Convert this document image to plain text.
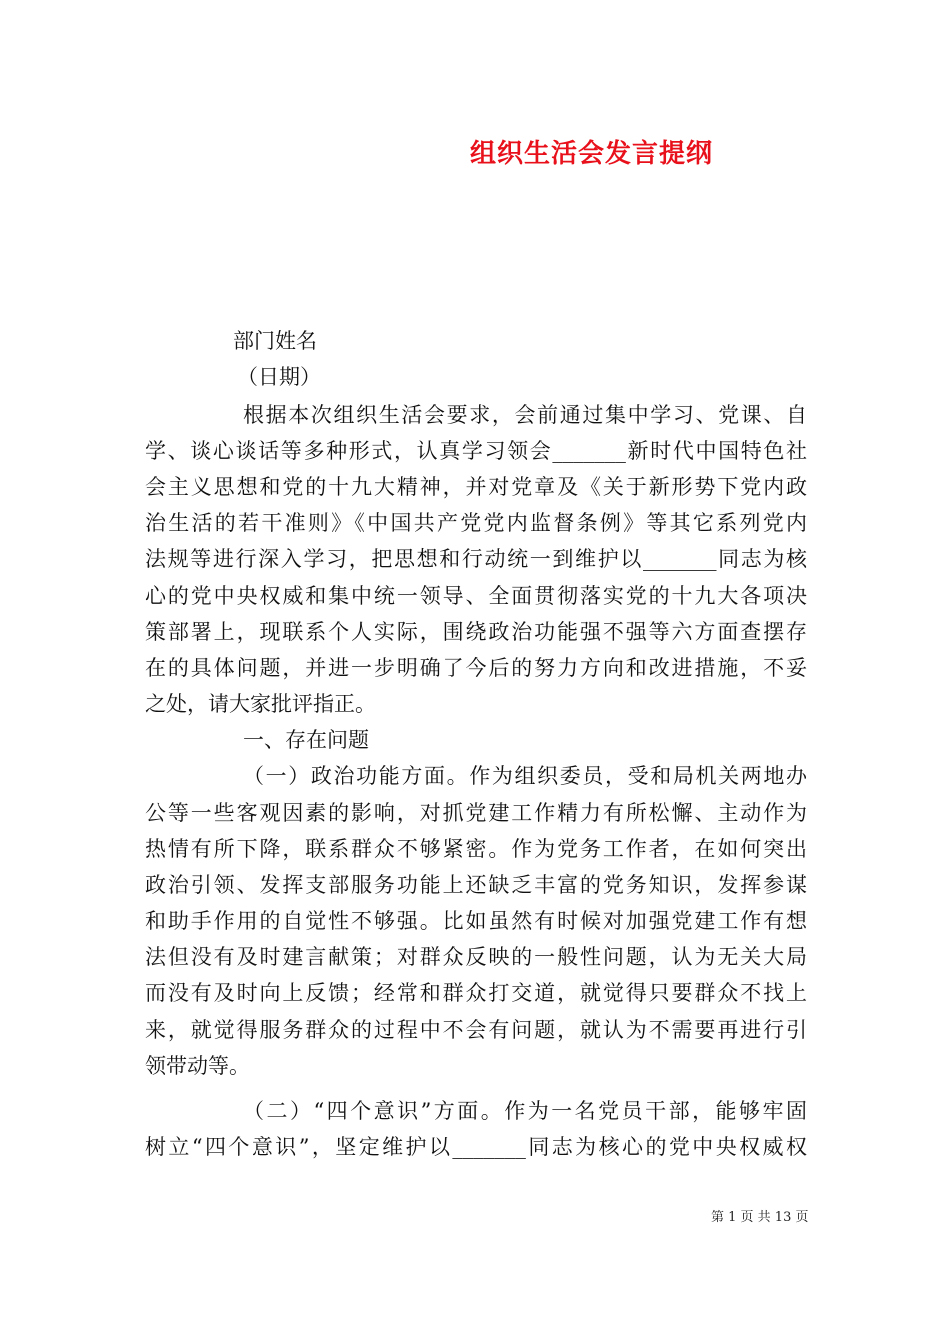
组织生活会发言提纲

部门姓名

（日期）

根据本次组织生活会要求，会前通过集中学习、党课、自

学、谈心谈话等多种形式，认真学习领会_______新时代中国特色社

会主义思想和党的十九大精神，并对党章及《关于新形势下党内政

治生活的若干准则》《中国共产党党内监督条例》等其它系列党内

法规等进行深入学习，把思想和行动统一到维护以_______同志为核

心的党中央权威和集中统一领导、全面贯彻落实党的十九大各项决

策部署上，现联系个人实际，围绕政治功能强不强等六方面查摆存

在的具体问题，并进一步明确了今后的努力方向和改进措施，不妥

之处，请大家批评指正。

一、存在问题

（一）政治功能方面。作为组织委员，受和局机关两地办

公等一些客观因素的影响，对抓党建工作精力有所松懈、主动作为

热情有所下降，联系群众不够紧密。作为党务工作者，在如何突出

政治引领、发挥支部服务功能上还缺乏丰富的党务知识，发挥参谋

和助手作用的自觉性不够强。比如虽然有时候对加强党建工作有想

法但没有及时建言献策；对群众反映的一般性问题，认为无关大局

而没有及时向上反馈；经常和群众打交道，就觉得只要群众不找上

来，就觉得服务群众的过程中不会有问题，就认为不需要再进行引

领带动等。

（二）“四个意识”方面。作为一名党员干部，能够牢固

树立“四个意识”，坚定维护以_______同志为核心的党中央权威权

第 1 页 共 13 页
